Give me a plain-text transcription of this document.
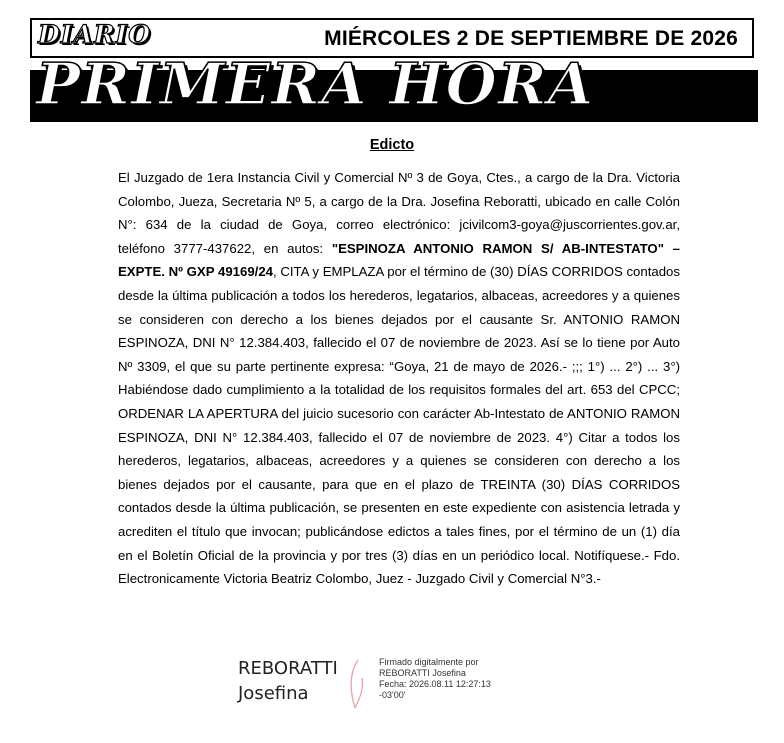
MIÉRCOLES 2 DE SEPTIEMBRE DE 2026
- EDICTOS -
DIARIO
PRIMERA HORA
Edicto

El Juzgado de 1era Instancia Civil y Comercial Nº 3 de Goya, Ctes., a cargo de la Dra. Victoria Colombo, Jueza, Secretaria Nº 5, a cargo de la Dra. Josefina Reboratti, ubicado en calle Colón N°: 634 de la ciudad de Goya, correo electrónico: jcivilcom3-goya@juscorrientes.gov.ar, teléfono 3777-437622, en autos: "ESPINOZA ANTONIO RAMON S/ AB-INTESTATO" – EXPTE. Nº GXP 49169/24, CITA y EMPLAZA por el término de (30) DÍAS CORRIDOS contados desde la última publicación a todos los herederos, legatarios, albaceas, acreedores y a quienes se consideren con derecho a los bienes dejados por el causante Sr. ANTONIO RAMON ESPINOZA, DNI N° 12.384.403, fallecido el 07 de noviembre de 2023. Así se lo tiene por Auto Nº 3309, el que su parte pertinente expresa: “Goya, 21 de mayo de 2026.- ;;; 1°) ... 2°) ... 3°) Habiéndose dado cumplimiento a la totalidad de los requisitos formales del art. 653 del CPCC; ORDENAR LA APERTURA del juicio sucesorio con carácter Ab-Intestato de ANTONIO RAMON ESPINOZA, DNI N° 12.384.403, fallecido el 07 de noviembre de 2023. 4°) Citar a todos los herederos, legatarios, albaceas, acreedores y a quienes se consideren con derecho a los bienes dejados por el causante, para que en el plazo de TREINTA (30) DÍAS CORRIDOS contados desde la última publicación, se presenten en este expediente con asistencia letrada y acrediten el título que invocan; publicándose edictos a tales fines, por el término de un (1) día en el Boletín Oficial de la provincia y por tres (3) días en un periódico local. Notifíquese.- Fdo. Electronicamente Victoria Beatriz Colombo, Juez - Juzgado Civil y Comercial N°3.-

REBORATTI
Josefina
Firmado digitalmente por
REBORATTI Josefina
Fecha: 2026.08.11 12:27:13
-03'00'
